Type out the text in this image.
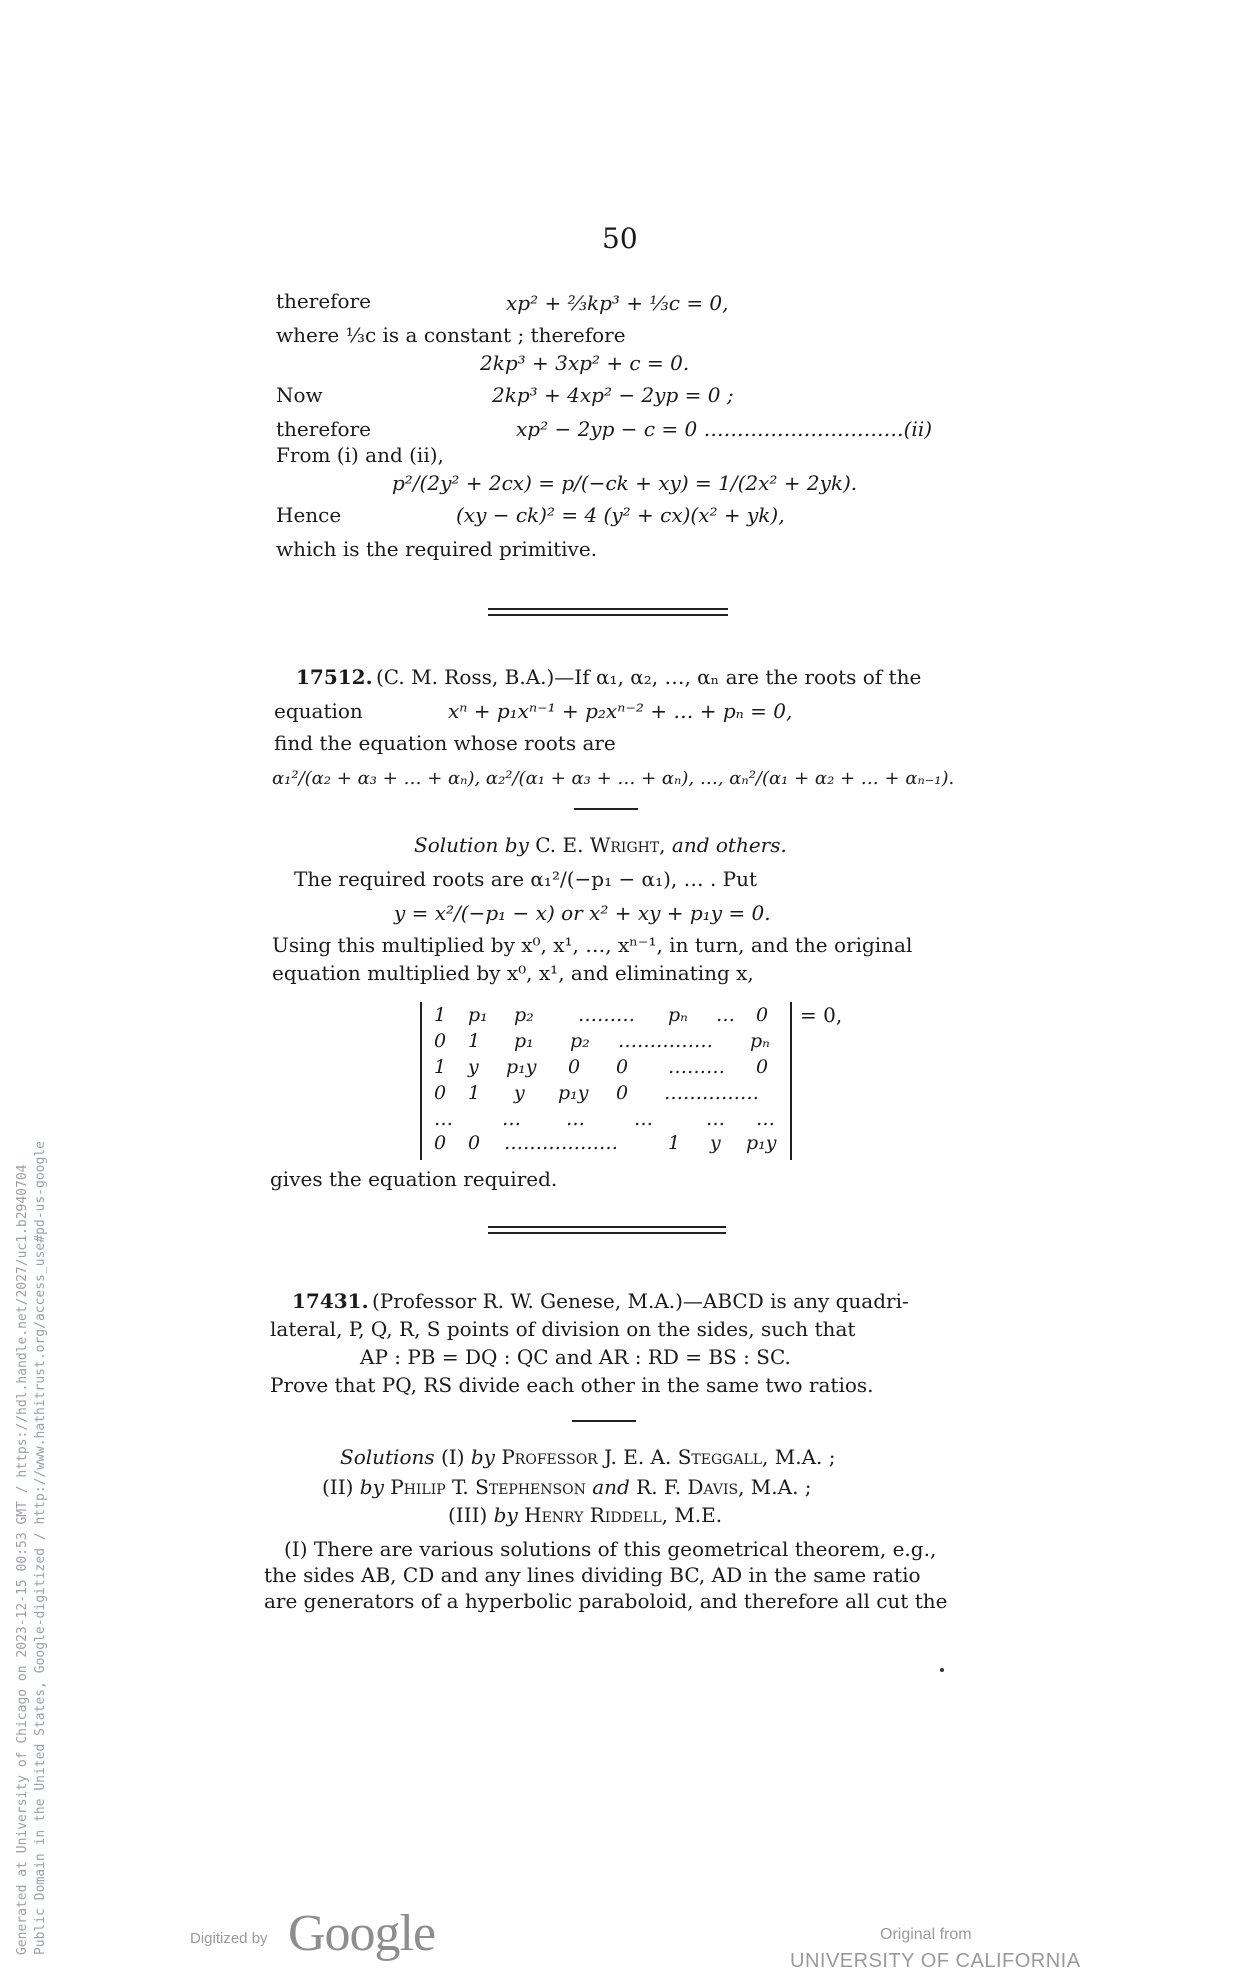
50
therefore	xp² + ⅔kp³ + ⅓c = 0,
where ⅓c is a constant ; therefore
2kp³ + 3xp² + c = 0.
Now	2kp³ + 4xp² − 2yp = 0 ;
therefore	xp² − 2yp − c = 0 …………………………(ii)
From (i) and (ii),
p²/(2y² + 2cx) = p/(−ck + xy) = 1/(2x² + 2yk).
Hence	(xy − ck)² = 4 (y² + cx)(x² + yk),
which is the required primitive.
17512. (C. M. Ross, B.A.)—If α₁, α₂, …, αₙ are the roots of the
equation	xⁿ + p₁xⁿ⁻¹ + p₂xⁿ⁻² + … + pₙ = 0,
find the equation whose roots are
α₁²/(α₂ + α₃ + … + αₙ), α₂²/(α₁ + α₃ + … + αₙ), …, αₙ²/(α₁ + α₂ + … + αₙ₋₁).
Solution by C. E. Wright, and others.
The required roots are α₁²/(−p₁ − α₁), … . Put
y = x²/(−p₁ − x) or x² + xy + p₁y = 0.
Using this multiplied by x⁰, x¹, …, xⁿ⁻¹, in turn, and the original
equation multiplied by x⁰, x¹, and eliminating x,
1 p₁ p₂ ……… pₙ … 0
0 1 p₁ p₂ …………… pₙ
1 y p₁y 0 0 ……… 0
0 1 y p₁y 0 ……………
…	… …	…	… …
0 0 ………………	1 y p₁y
= 0,
gives the equation required.
17431. (Professor R. W. Genese, M.A.)—ABCD is any quadri-
lateral, P, Q, R, S points of division on the sides, such that
AP : PB = DQ : QC and AR : RD = BS : SC.
Prove that PQ, RS divide each other in the same two ratios.
Solutions (I) by Professor J. E. A. Steggall, M.A. ;
(II) by Philip T. Stephenson and R. F. Davis, M.A. ;
(III) by Henry Riddell, M.E.
(I) There are various solutions of this geometrical theorem, e.g.,
the sides AB, CD and any lines dividing BC, AD in the same ratio
are generators of a hyperbolic paraboloid, and therefore all cut the
Generated at University of Chicago on 2023-12-15 00:53 GMT / https://hdl.handle.net/2027/uc1.b2940704 Public Domain in the United States, Google-digitized / http://www.hathitrust.org/access_use#pd-us-google	Digitized by Google	Original from
UNIVERSITY OF CALIFORNIA
